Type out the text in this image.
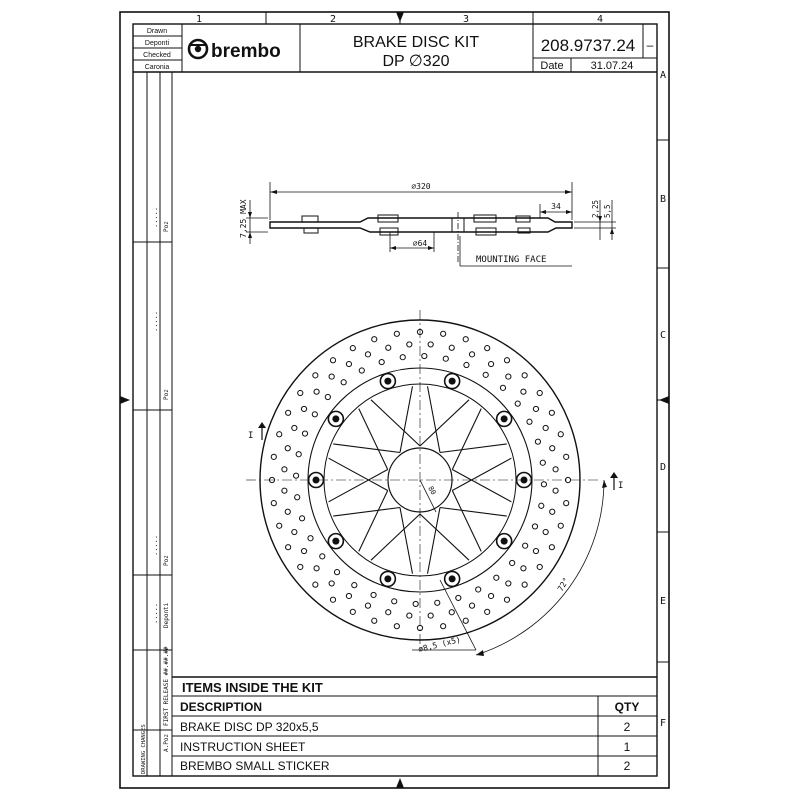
1	2	3	4
A
B
C
D
E
F
Poz
Poz
Poz
Deponti
.....
.....
.....
.....
FIRST RELEASE ##.##.##
A.Poz
DRAWING CHANGES
Drawn
Deponti
Checked
Caronia
brembo	BRAKE DISC KIT
DP ∅320
208.9737.24 –
Date 31.07.24
∅320
34
∅64
7,25 MAX	2,25 5,5
MOUNTING FACE
80
I
I
72°
∅8,5 (x5)
ITEMS INSIDE THE KIT
DESCRIPTION	QTY
BRAKE DISC DP 320x5,5	2
INSTRUCTION SHEET	1
BREMBO SMALL STICKER	2
